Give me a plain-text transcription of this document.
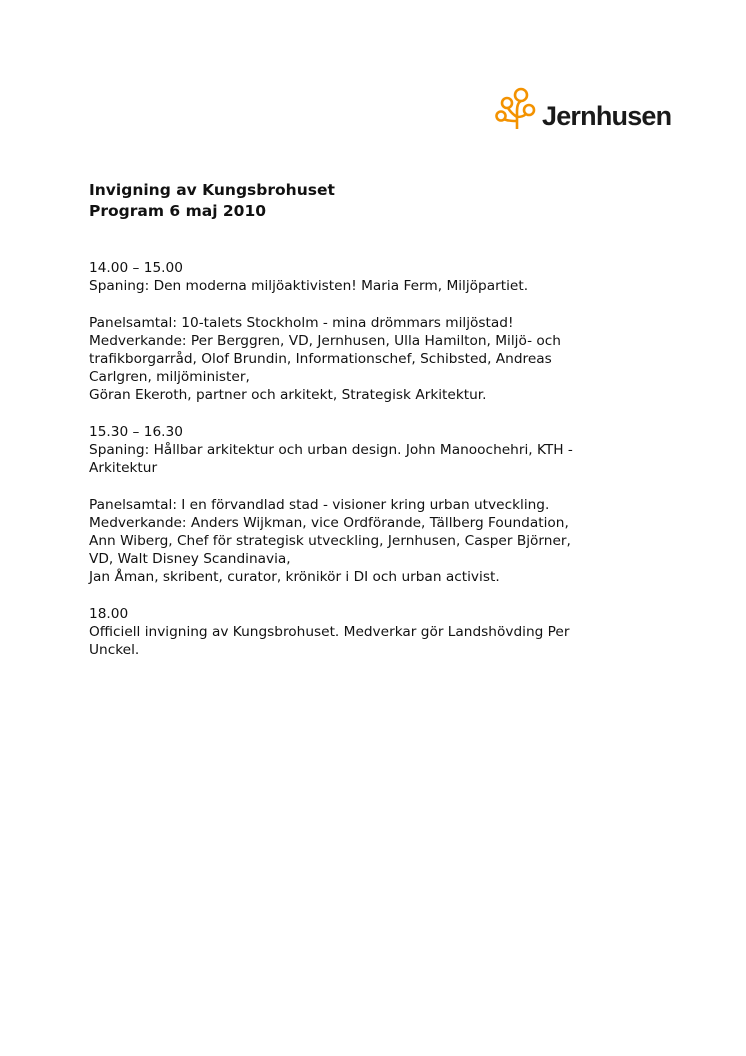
Jernhusen
Invigning av Kungsbrohuset
Program 6 maj 2010

14.00 – 15.00
Spaning: Den moderna miljöaktivisten! Maria Ferm, Miljöpartiet.

Panelsamtal: 10-talets Stockholm - mina drömmars miljöstad!
Medverkande: Per Berggren, VD, Jernhusen, Ulla Hamilton, Miljö- och
trafikborgarråd, Olof Brundin, Informationschef, Schibsted, Andreas
Carlgren, miljöminister,
Göran Ekeroth, partner och arkitekt, Strategisk Arkitektur.

15.30 – 16.30
Spaning: Hållbar arkitektur och urban design. John Manoochehri, KTH -
Arkitektur

Panelsamtal: I en förvandlad stad - visioner kring urban utveckling.
Medverkande: Anders Wijkman, vice Ordförande, Tällberg Foundation,
Ann Wiberg, Chef för strategisk utveckling, Jernhusen, Casper Björner,
VD, Walt Disney Scandinavia,
Jan Åman, skribent, curator, krönikör i DI och urban activist.

18.00
Officiell invigning av Kungsbrohuset. Medverkar gör Landshövding Per
Unckel.
